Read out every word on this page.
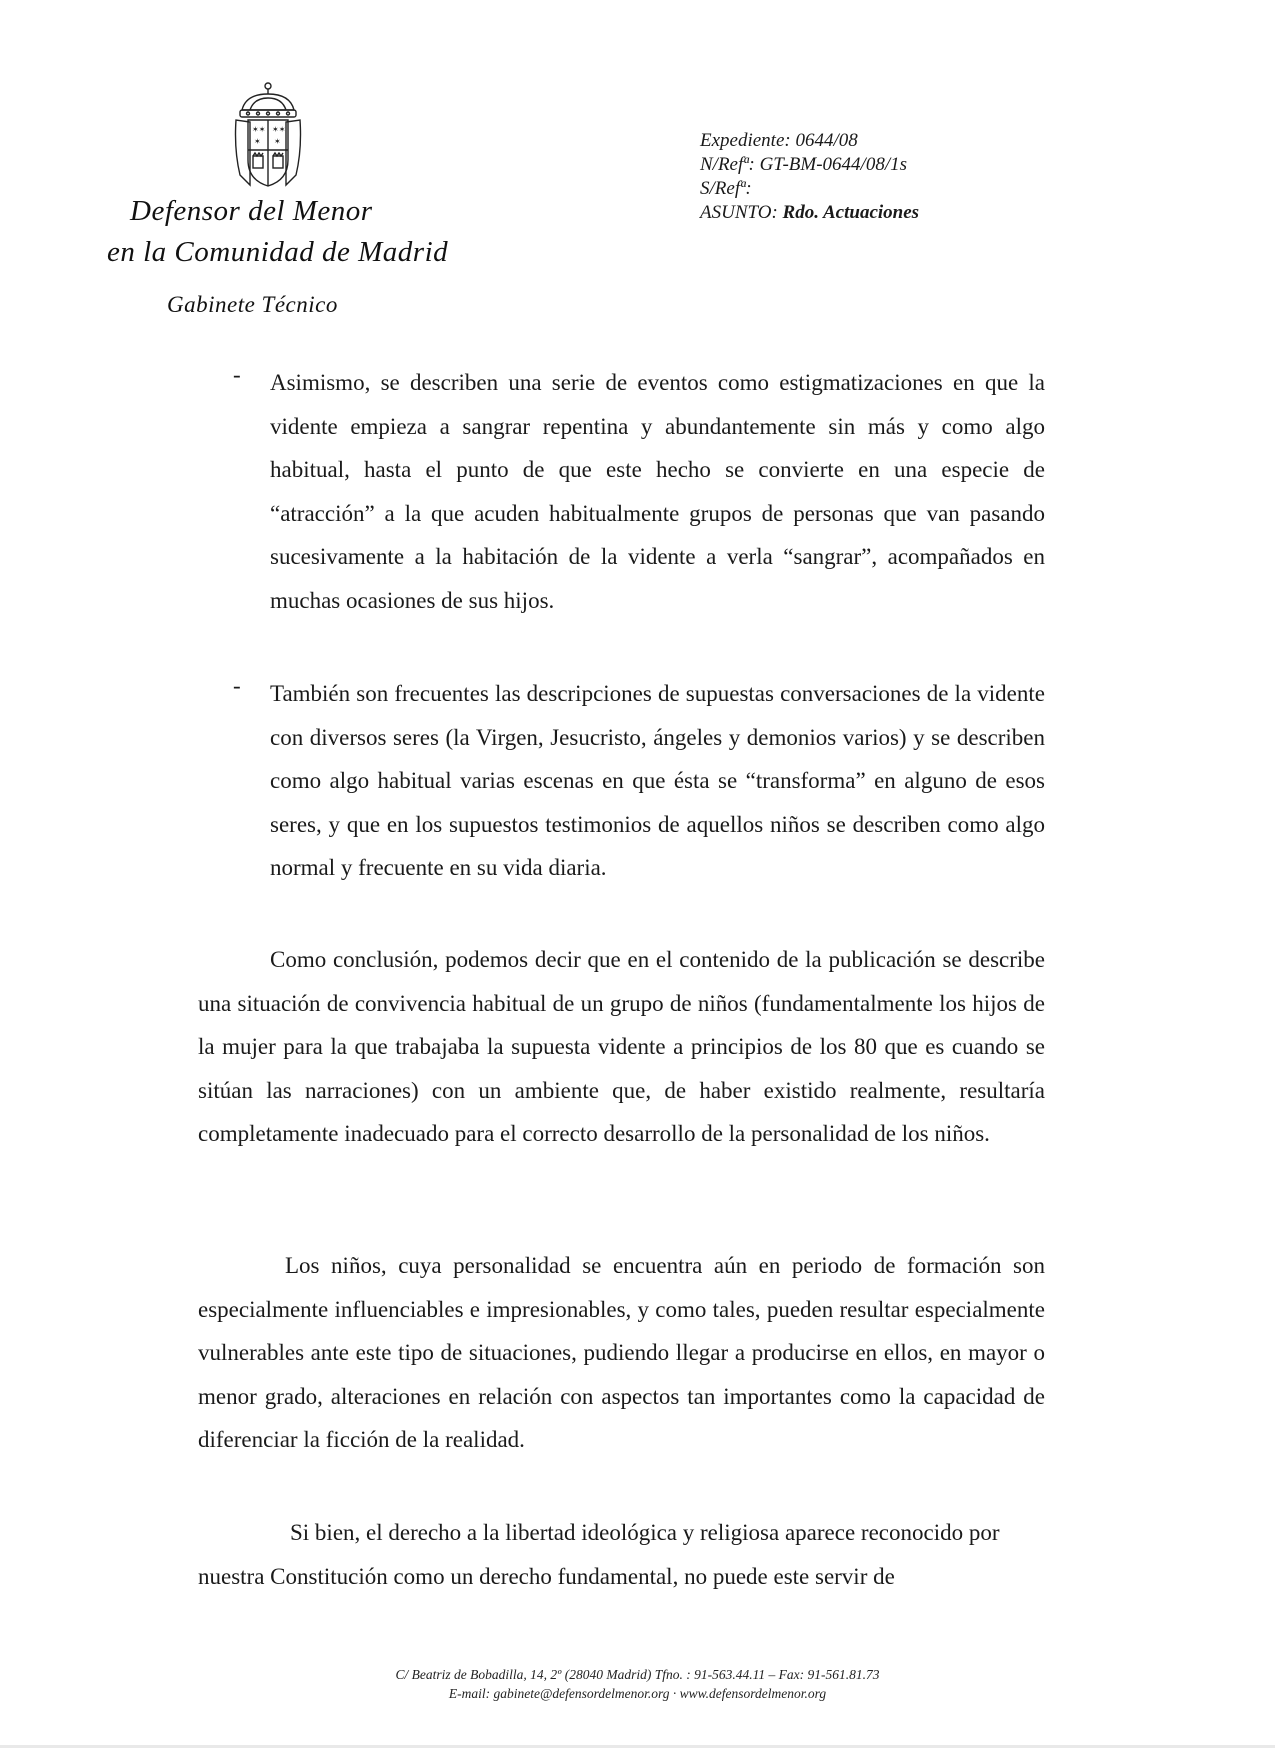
✶✶ ✶✶
✶ ✶
Defensor del Menor
en la Comunidad de Madrid
Gabinete Técnico
Expediente: 0644/08
N/Refª: GT-BM-0644/08/1s
S/Refª:
ASUNTO: Rdo. Actuaciones
- Asimismo, se describen una serie de eventos como estigmatizaciones en que la vidente empieza a sangrar repentina y abundantemente sin más y como algo habitual, hasta el punto de que este hecho se convierte en una especie de “atracción” a la que acuden habitualmente grupos de personas que van pasando sucesivamente a la habitación de la vidente a verla “sangrar”, acompañados en muchas ocasiones de sus hijos.
- También son frecuentes las descripciones de supuestas conversaciones de la vidente con diversos seres (la Virgen, Jesucristo, ángeles y demonios varios) y se describen como algo habitual varias escenas en que ésta se “transforma” en alguno de esos seres, y que en los supuestos testimonios de aquellos niños se describen como algo normal y frecuente en su vida diaria.
Como conclusión, podemos decir que en el contenido de la publicación se describe una situación de convivencia habitual de un grupo de niños (fundamentalmente los hijos de la mujer para la que trabajaba la supuesta vidente a principios de los 80 que es cuando se sitúan las narraciones) con un ambiente que, de haber existido realmente, resultaría completamente inadecuado para el correcto desarrollo de la personalidad de los niños.
Los niños, cuya personalidad se encuentra aún en periodo de formación son especialmente influenciables e impresionables, y como tales, pueden resultar especialmente vulnerables ante este tipo de situaciones, pudiendo llegar a producirse en ellos, en mayor o menor grado, alteraciones en relación con aspectos tan importantes como la capacidad de diferenciar la ficción de la realidad.
Si bien, el derecho a la libertad ideológica y religiosa aparece reconocido por nuestra Constitución como un derecho fundamental, no puede este servir de
C/ Beatriz de Bobadilla, 14, 2º (28040 Madrid) Tfno. : 91-563.44.11 – Fax: 91-561.81.73
E-mail: gabinete@defensordelmenor.org · www.defensordelmenor.org
